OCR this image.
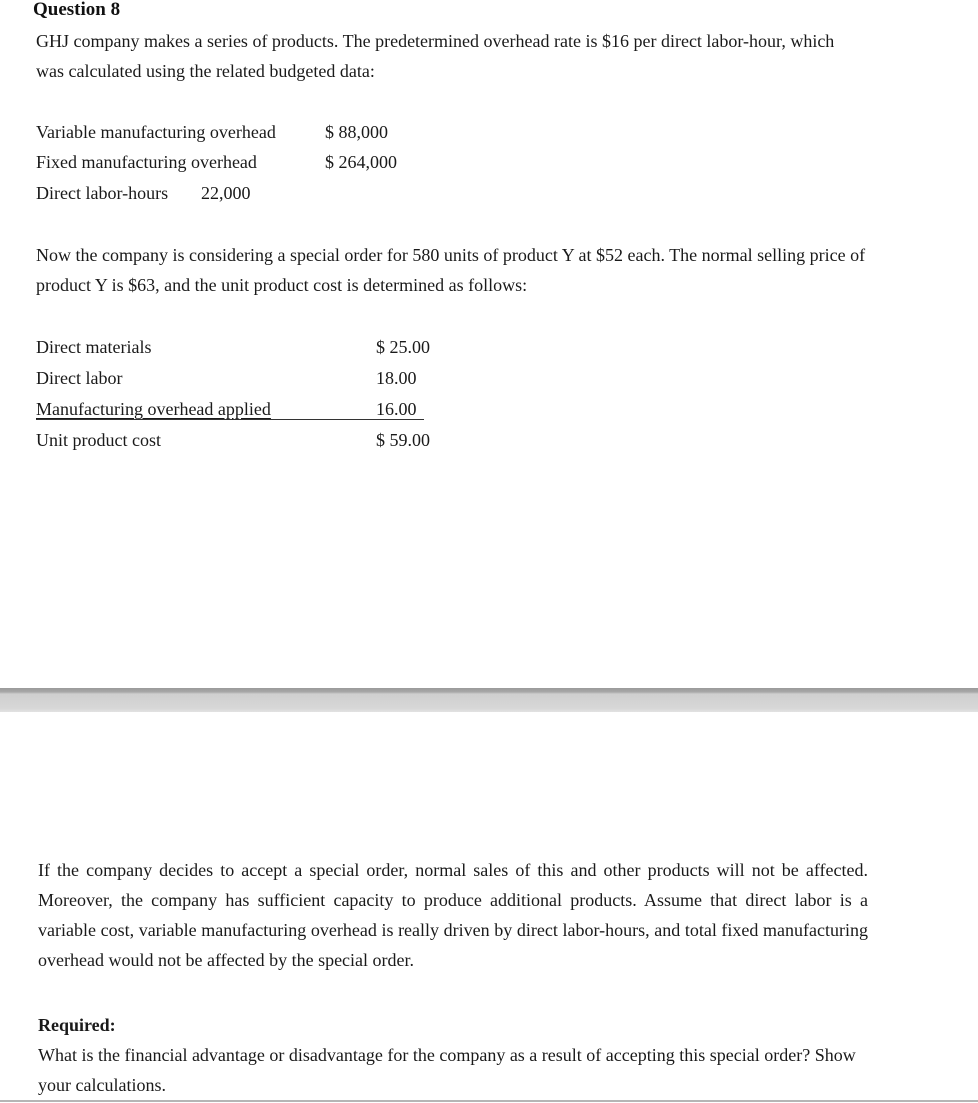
Question 8
GHJ company makes a series of products. The predetermined overhead rate is $16 per direct labor-hour, which was calculated using the related budgeted data:
Variable manufacturing overhead	$ 88,000
Fixed manufacturing overhead	$ 264,000
Direct labor-hours 22,000
Now the company is considering a special order for 580 units of product Y at $52 each. The normal selling price of product Y is $63, and the unit product cost is determined as follows:
Direct materials	$ 25.00
Direct labor	18.00
Manufacturing overhead applied	16.00
Unit product cost	$ 59.00
If the company decides to accept a special order, normal sales of this and other products will not be affected. Moreover, the company has sufficient capacity to produce additional products. Assume that direct labor is a variable cost, variable manufacturing overhead is really driven by direct labor-hours, and total fixed manufacturing overhead would not be affected by the special order.
Required:
What is the financial advantage or disadvantage for the company as a result of accepting this special order? Show your calculations.
